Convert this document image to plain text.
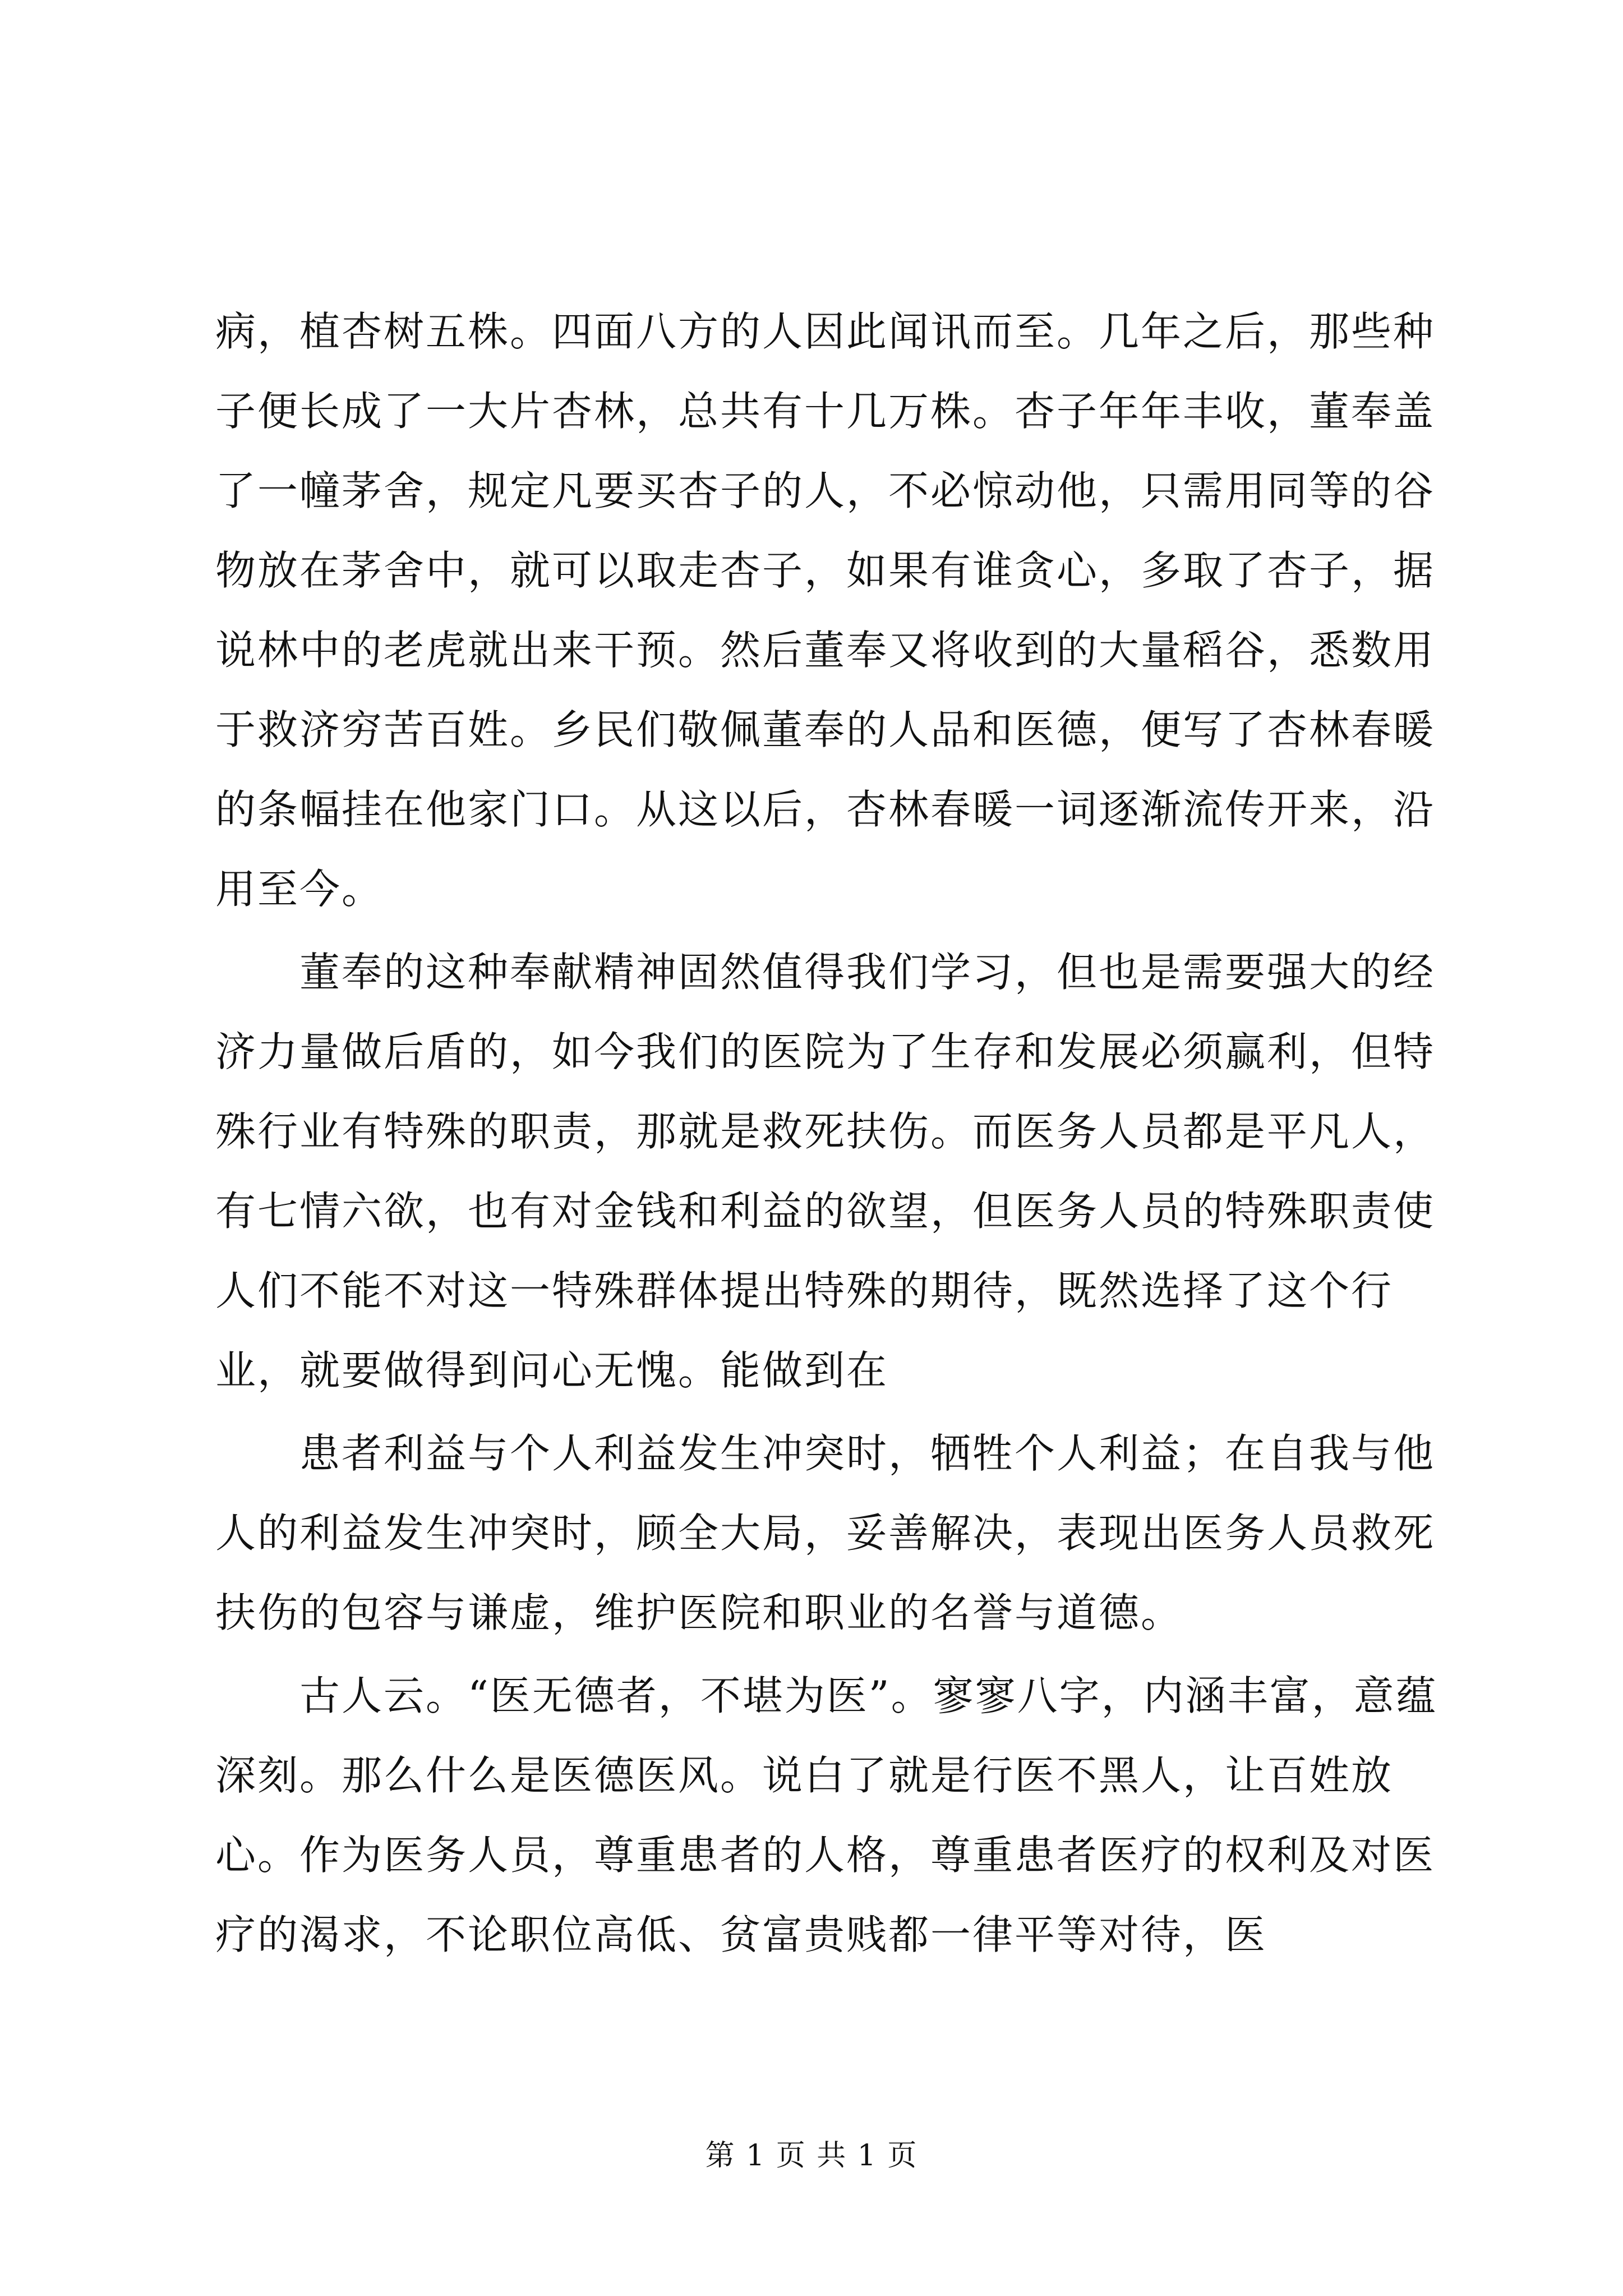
病，植杏树五株。四面八方的人因此闻讯而至。几年之后，那些种子便长成了一大片杏林，总共有十几万株。杏子年年丰收，董奉盖了一幢茅舍，规定凡要买杏子的人，不必惊动他，只需用同等的谷物放在茅舍中，就可以取走杏子，如果有谁贪心，多取了杏子，据说林中的老虎就出来干预。然后董奉又将收到的大量稻谷，悉数用于救济穷苦百姓。乡民们敬佩董奉的人品和医德，便写了杏林春暖的条幅挂在他家门口。从这以后，杏林春暖一词逐渐流传开来，沿用至今。

董奉的这种奉献精神固然值得我们学习，但也是需要强大的经济力量做后盾的，如今我们的医院为了生存和发展必须赢利，但特殊行业有特殊的职责，那就是救死扶伤。而医务人员都是平凡人，有七情六欲，也有对金钱和利益的欲望，但医务人员的特殊职责使人们不能不对这一特殊群体提出特殊的期待，既然选择了这个行业，就要做得到问心无愧。能做到在

患者利益与个人利益发生冲突时，牺牲个人利益；在自我与他人的利益发生冲突时，顾全大局，妥善解决，表现出医务人员救死扶伤的包容与谦虚，维护医院和职业的名誉与道德。

古人云。“医无德者，不堪为医”。寥寥八字，内涵丰富，意蕴深刻。那么什么是医德医风。说白了就是行医不黑人，让百姓放心。作为医务人员，尊重患者的人格，尊重患者医疗的权利及对医疗的渴求，不论职位高低、贫富贵贱都一律平等对待，医

第 1 页 共 1 页
